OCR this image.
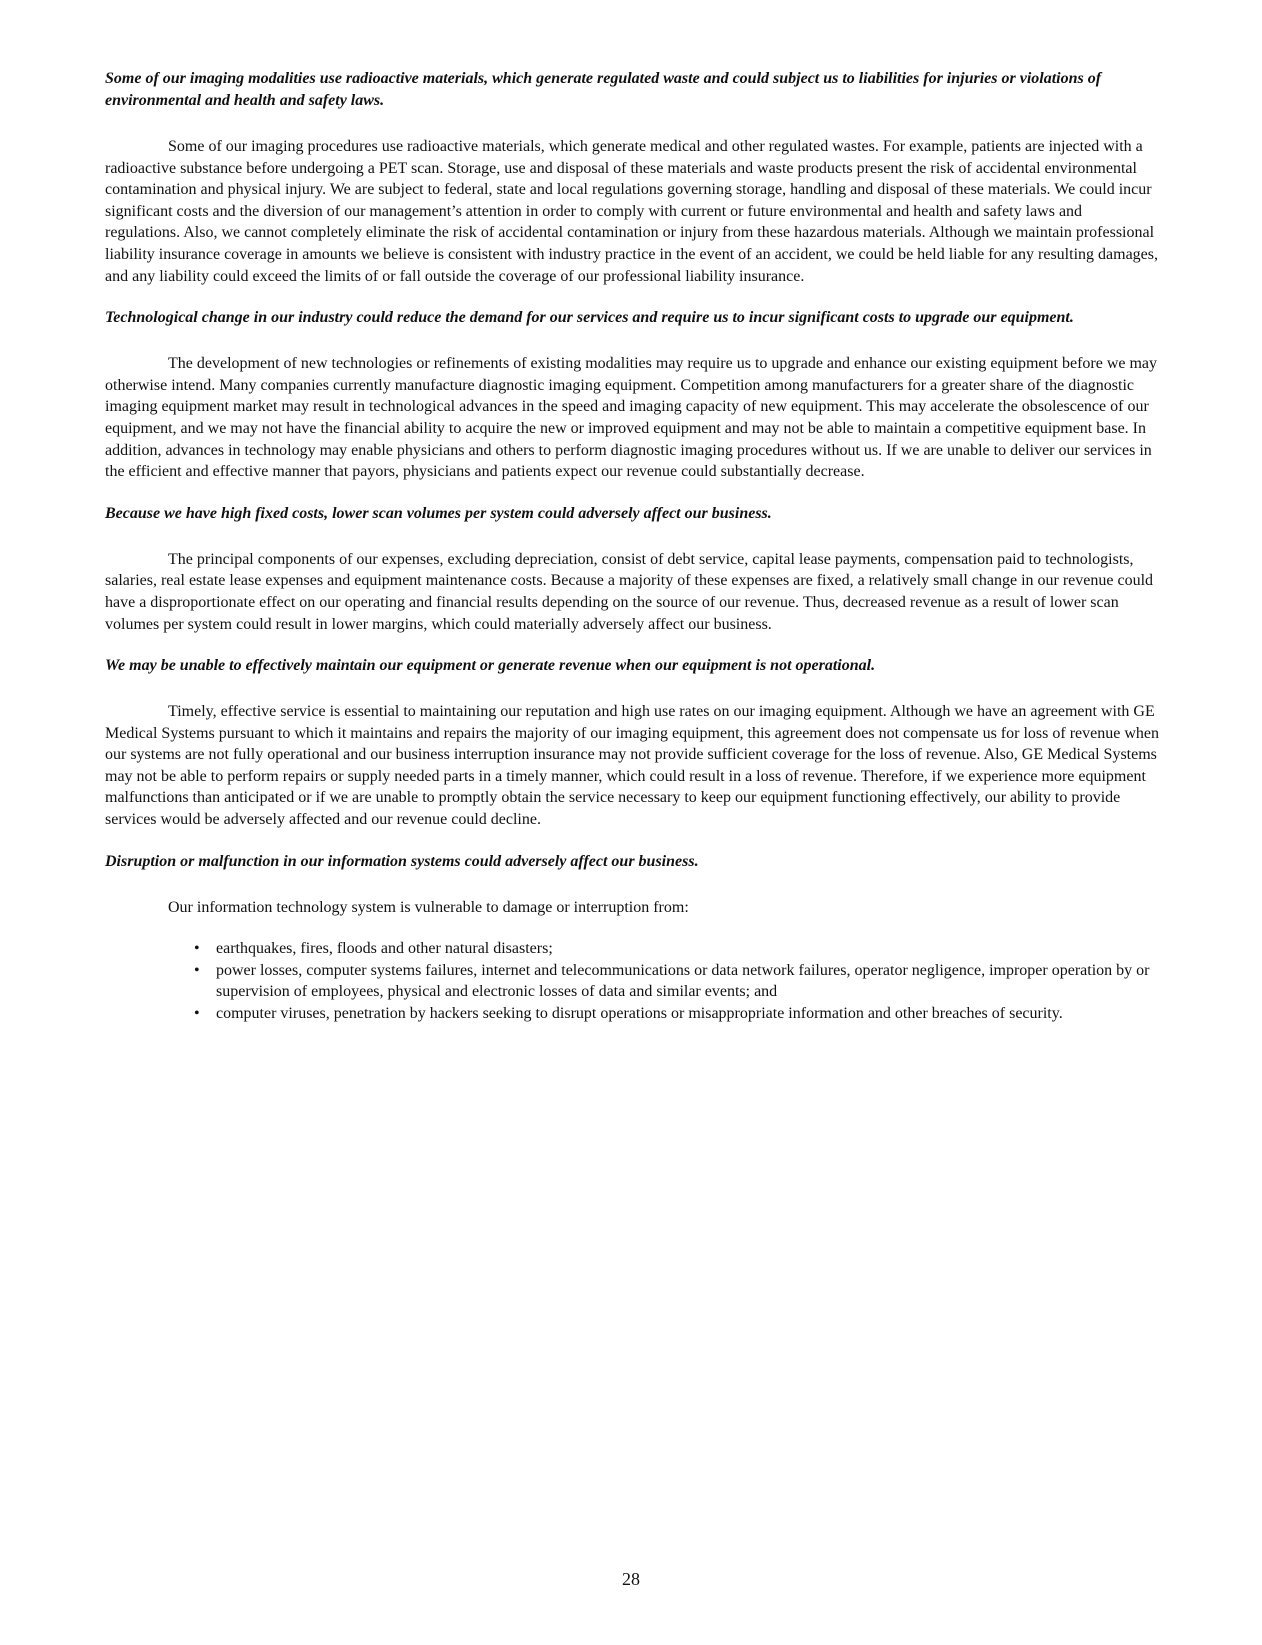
Some of our imaging modalities use radioactive materials, which generate regulated waste and could subject us to liabilities for injuries or violations of environmental and health and safety laws.

Some of our imaging procedures use radioactive materials, which generate medical and other regulated wastes. For example, patients are injected with a radioactive substance before undergoing a PET scan. Storage, use and disposal of these materials and waste products present the risk of accidental environmental contamination and physical injury. We are subject to federal, state and local regulations governing storage, handling and disposal of these materials. We could incur significant costs and the diversion of our management’s attention in order to comply with current or future environmental and health and safety laws and regulations. Also, we cannot completely eliminate the risk of accidental contamination or injury from these hazardous materials. Although we maintain professional liability insurance coverage in amounts we believe is consistent with industry practice in the event of an accident, we could be held liable for any resulting damages, and any liability could exceed the limits of or fall outside the coverage of our professional liability insurance.

Technological change in our industry could reduce the demand for our services and require us to incur significant costs to upgrade our equipment.

The development of new technologies or refinements of existing modalities may require us to upgrade and enhance our existing equipment before we may otherwise intend. Many companies currently manufacture diagnostic imaging equipment. Competition among manufacturers for a greater share of the diagnostic imaging equipment market may result in technological advances in the speed and imaging capacity of new equipment. This may accelerate the obsolescence of our equipment, and we may not have the financial ability to acquire the new or improved equipment and may not be able to maintain a competitive equipment base. In addition, advances in technology may enable physicians and others to perform diagnostic imaging procedures without us. If we are unable to deliver our services in the efficient and effective manner that payors, physicians and patients expect our revenue could substantially decrease.

Because we have high fixed costs, lower scan volumes per system could adversely affect our business.

The principal components of our expenses, excluding depreciation, consist of debt service, capital lease payments, compensation paid to technologists, salaries, real estate lease expenses and equipment maintenance costs. Because a majority of these expenses are fixed, a relatively small change in our revenue could have a disproportionate effect on our operating and financial results depending on the source of our revenue. Thus, decreased revenue as a result of lower scan volumes per system could result in lower margins, which could materially adversely affect our business.

We may be unable to effectively maintain our equipment or generate revenue when our equipment is not operational.

Timely, effective service is essential to maintaining our reputation and high use rates on our imaging equipment. Although we have an agreement with GE Medical Systems pursuant to which it maintains and repairs the majority of our imaging equipment, this agreement does not compensate us for loss of revenue when our systems are not fully operational and our business interruption insurance may not provide sufficient coverage for the loss of revenue. Also, GE Medical Systems may not be able to perform repairs or supply needed parts in a timely manner, which could result in a loss of revenue. Therefore, if we experience more equipment malfunctions than anticipated or if we are unable to promptly obtain the service necessary to keep our equipment functioning effectively, our ability to provide services would be adversely affected and our revenue could decline.

Disruption or malfunction in our information systems could adversely affect our business.

Our information technology system is vulnerable to damage or interruption from:

• earthquakes, fires, floods and other natural disasters;
• power losses, computer systems failures, internet and telecommunications or data network failures, operator negligence, improper operation by or supervision of employees, physical and electronic losses of data and similar events; and
• computer viruses, penetration by hackers seeking to disrupt operations or misappropriate information and other breaches of security.
28
